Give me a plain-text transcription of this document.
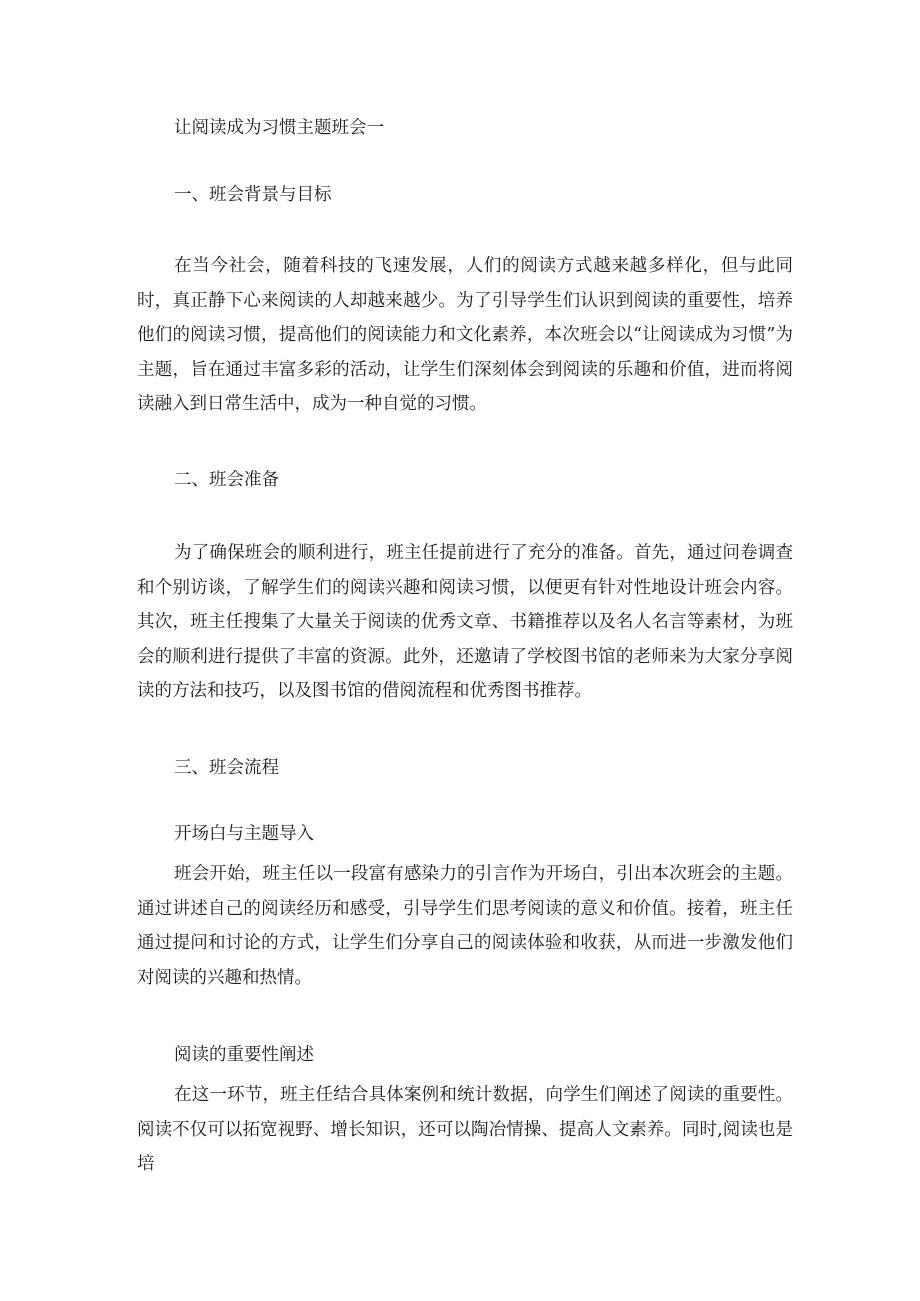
让阅读成为习惯主题班会一

一、班会背景与目标

在当今社会，随着科技的飞速发展，人们的阅读方式越来越多样化，但与此同时，真正静下心来阅读的人却越来越少。为了引导学生们认识到阅读的重要性，培养他们的阅读习惯，提高他们的阅读能力和文化素养，本次班会以“让阅读成为习惯”为主题，旨在通过丰富多彩的活动，让学生们深刻体会到阅读的乐趣和价值，进而将阅读融入到日常生活中，成为一种自觉的习惯。

二、班会准备

为了确保班会的顺利进行，班主任提前进行了充分的准备。首先，通过问卷调查和个别访谈，了解学生们的阅读兴趣和阅读习惯，以便更有针对性地设计班会内容。其次，班主任搜集了大量关于阅读的优秀文章、书籍推荐以及名人名言等素材，为班会的顺利进行提供了丰富的资源。此外，还邀请了学校图书馆的老师来为大家分享阅读的方法和技巧，以及图书馆的借阅流程和优秀图书推荐。

三、班会流程

开场白与主题导入

班会开始，班主任以一段富有感染力的引言作为开场白，引出本次班会的主题。通过讲述自己的阅读经历和感受，引导学生们思考阅读的意义和价值。接着，班主任通过提问和讨论的方式，让学生们分享自己的阅读体验和收获，从而进一步激发他们对阅读的兴趣和热情。

阅读的重要性阐述

在这一环节，班主任结合具体案例和统计数据，向学生们阐述了阅读的重要性。阅读不仅可以拓宽视野、增长知识，还可以陶冶情操、提高人文素养。同时,阅读也是培
